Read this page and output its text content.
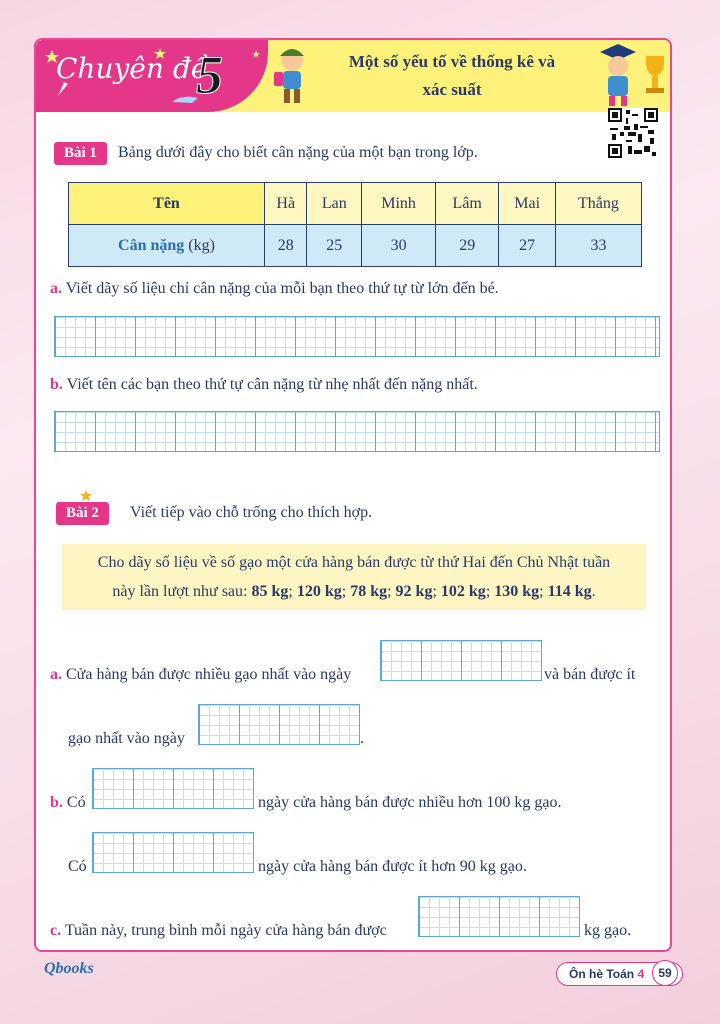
Chuyên đề
5	Một số yếu tố về thống kê và
xác suất
Bài 1	Bảng dưới đây cho biết cân nặng của một bạn trong lớp.
Tên	Hà	Lan	Minh	Lâm	Mai	Thắng
Cân nặng (kg)	28	25	30	29	27	33
a. Viết dãy số liệu chỉ cân nặng của mỗi bạn theo thứ tự từ lớn đến bé.
b. Viết tên các bạn theo thứ tự cân nặng từ nhẹ nhất đến nặng nhất.
Bài 2	Viết tiếp vào chỗ trống cho thích hợp.
Cho dãy số liệu về số gạo một cửa hàng bán được từ thứ Hai đến Chủ Nhật tuần
này lần lượt như sau: 85 kg; 120 kg; 78 kg; 92 kg; 102 kg; 130 kg; 114 kg.
a. Cửa hàng bán được nhiều gạo nhất vào ngày	và bán được ít
gạo nhất vào ngày	.
b. Có	ngày cửa hàng bán được nhiều hơn 100 kg gạo.
Có	ngày cửa hàng bán được ít hơn 90 kg gạo.
c. Tuần này, trung bình mỗi ngày cửa hàng bán được	kg gạo.
Qbooks	Ôn hè Toán 4	59
